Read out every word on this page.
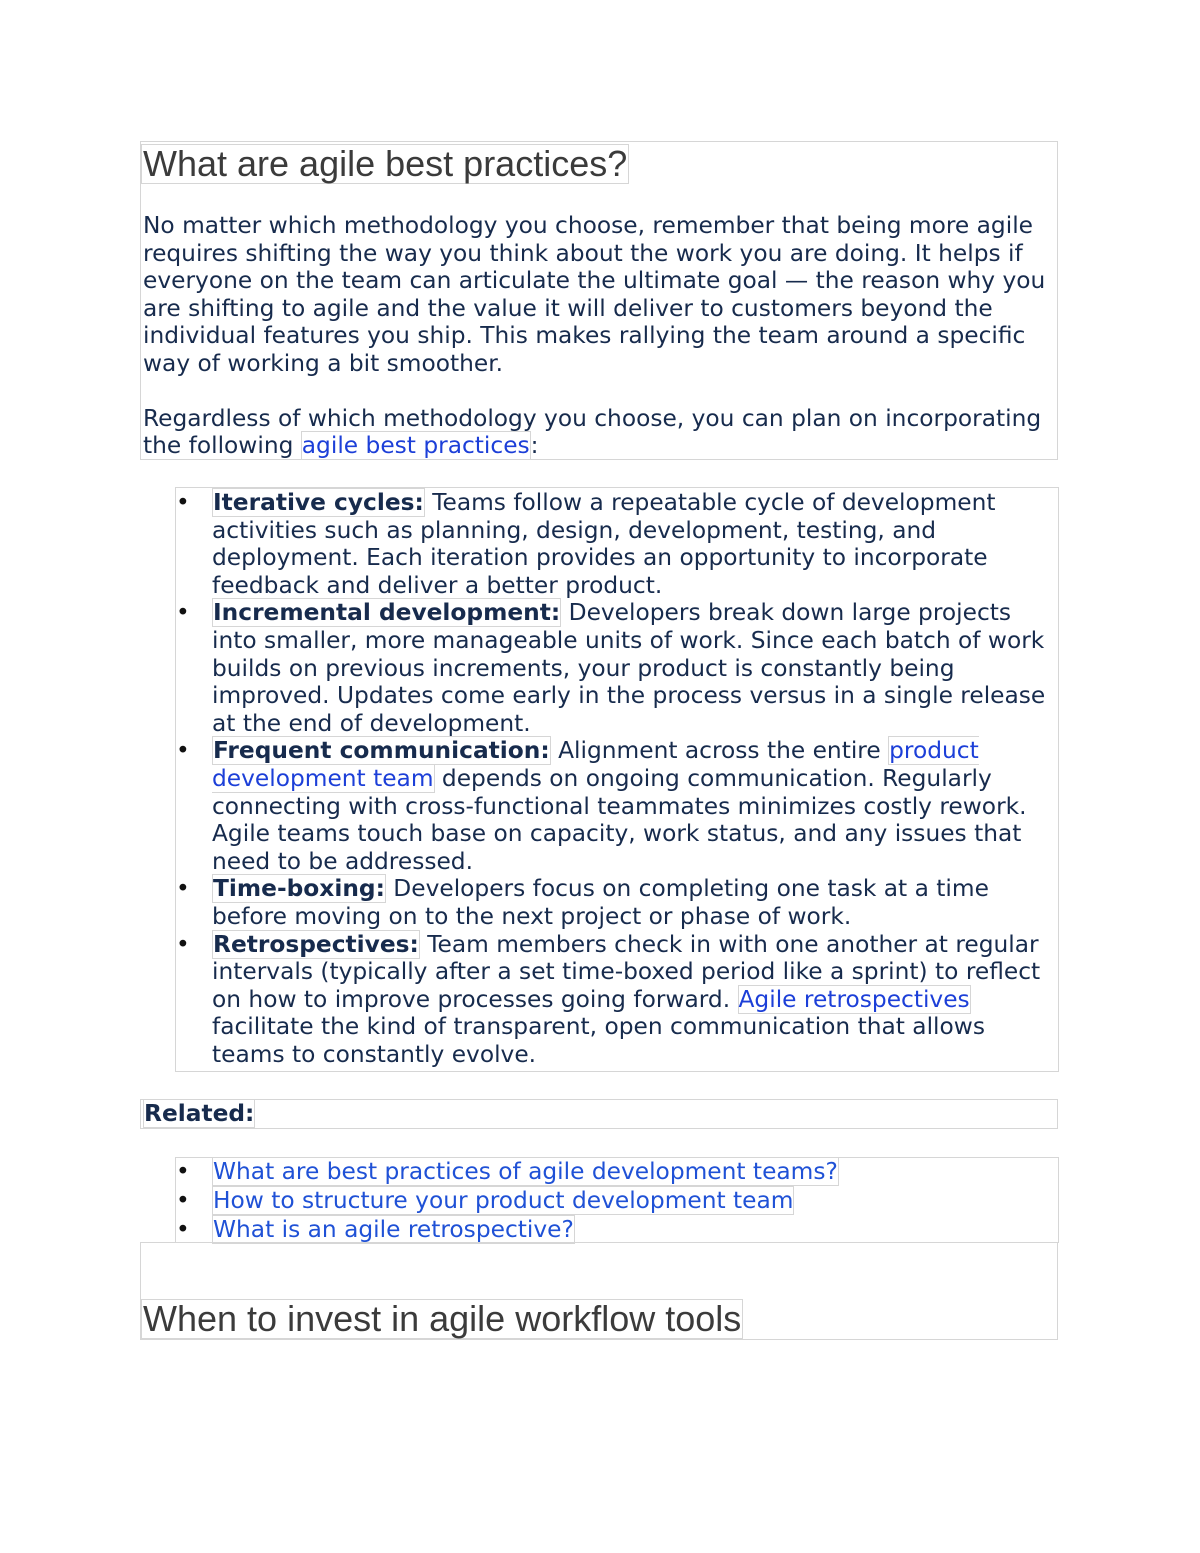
What are agile best practices?

No matter which methodology you choose, remember that being more agile requires shifting the way you think about the work you are doing. It helps if everyone on the team can articulate the ultimate goal — the reason why you are shifting to agile and the value it will deliver to customers beyond the individual features you ship. This makes rallying the team around a specific way of working a bit smoother.

Regardless of which methodology you choose, you can plan on incorporating the following agile best practices:

• Iterative cycles: Teams follow a repeatable cycle of development activities such as planning, design, development, testing, and deployment. Each iteration provides an opportunity to incorporate feedback and deliver a better product.
• Incremental development: Developers break down large projects into smaller, more manageable units of work. Since each batch of work builds on previous increments, your product is constantly being improved. Updates come early in the process versus in a single release at the end of development.
• Frequent communication: Alignment across the entire product development team depends on ongoing communication. Regularly connecting with cross-functional teammates minimizes costly rework. Agile teams touch base on capacity, work status, and any issues that need to be addressed.
• Time-boxing: Developers focus on completing one task at a time before moving on to the next project or phase of work.
• Retrospectives: Team members check in with one another at regular intervals (typically after a set time-boxed period like a sprint) to reflect on how to improve processes going forward. Agile retrospectives facilitate the kind of transparent, open communication that allows teams to constantly evolve.

Related:

• What are best practices of agile development teams?
• How to structure your product development team
• What is an agile retrospective?
When to invest in agile workflow tools
